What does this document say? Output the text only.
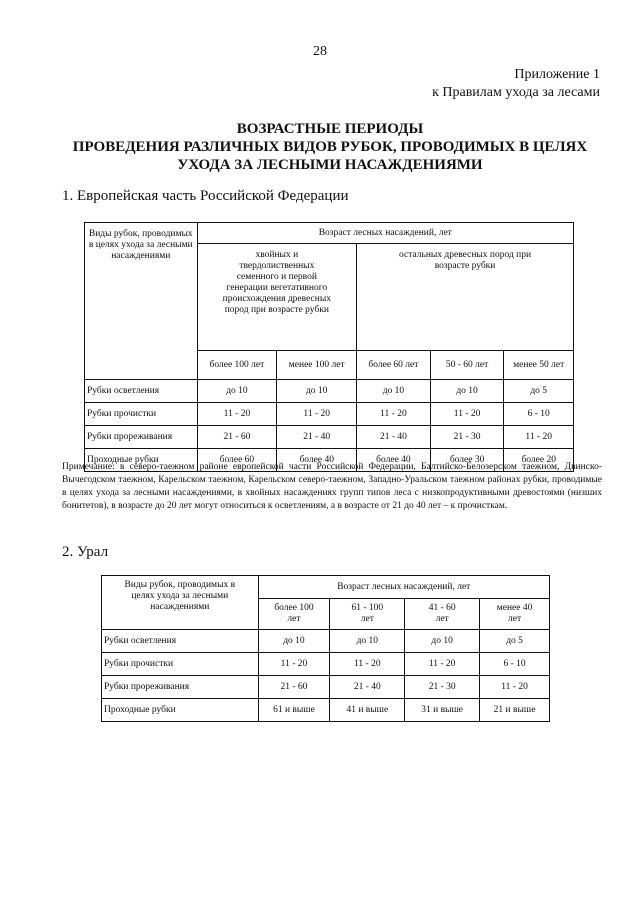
28
Приложение 1
к Правилам ухода за лесами
ВОЗРАСТНЫЕ ПЕРИОДЫ
ПРОВЕДЕНИЯ РАЗЛИЧНЫХ ВИДОВ РУБОК, ПРОВОДИМЫХ В ЦЕЛЯХ
УХОДА ЗА ЛЕСНЫМИ НАСАЖДЕНИЯМИ
1. Европейская часть Российской Федерации
Виды рубок, проводимых в целях ухода за лесными насаждениями	Возраст лесных насаждений, лет				
	хвойных и твердолиственных семенного и первой генерации вегетативного происхождения древесных пород при возрасте рубки		остальных древесных пород при возрасте рубки		
	более 100 лет	менее 100 лет	более 60 лет	50 - 60 лет	менее 50 лет
Рубки осветления	до 10	до 10	до 10	до 10	до 5
Рубки прочистки	11 - 20	11 - 20	11 - 20	11 - 20	6 - 10
Рубки прореживания	21 - 60	21 - 40	21 - 40	21 - 30	11 - 20
Проходные рубки	более 60	более 40	более 40	более 30	более 20
Примечание: в северо-таежном районе европейской части Российской Федерации, Балтийско-Белозерском таежном, Двинско-Вычегодском таежном, Карельском таежном, Карельском северо-таежном, Западно-Уральском таежном районах рубки, проводимые в целях ухода за лесными насаждениями, в хвойных насаждениях групп типов леса с низкопродуктивными древостоями (низших бонитетов), в возрасте до 20 лет могут относиться к осветлениям, а в возрасте от 21 до 40 лет – к прочисткам.
2. Урал
Виды рубок, проводимых в целях ухода за лесными насаждениями	Возраст лесных насаждений, лет			
	более 100 лет	61 - 100 лет	41 - 60 лет	менее 40 лет
Рубки осветления	до 10	до 10	до 10	до 5
Рубки прочистки	11 - 20	11 - 20	11 - 20	6 - 10
Рубки прореживания	21 - 60	21 - 40	21 - 30	11 - 20
Проходные рубки	61 и выше	41 и выше	31 и выше	21 и выше
